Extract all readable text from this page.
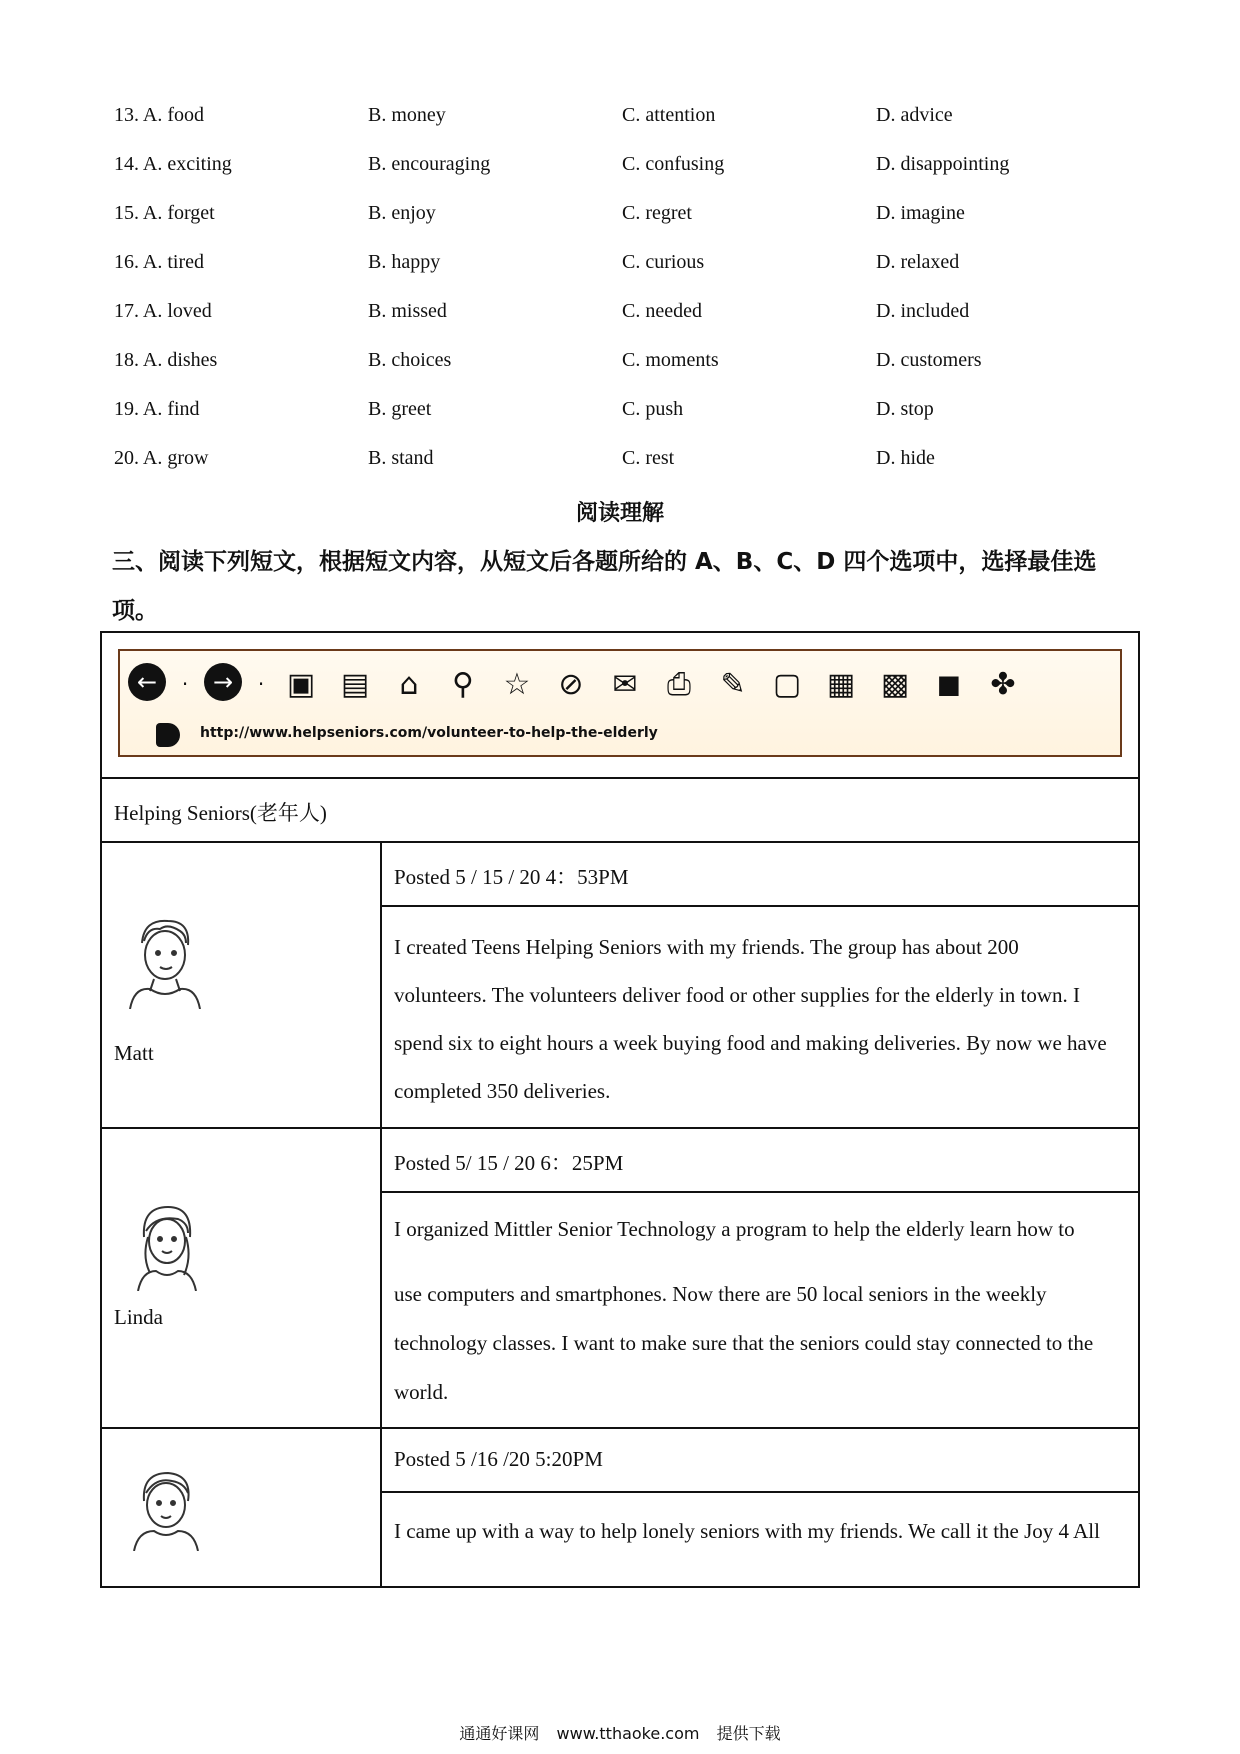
13. A. food	B. money	C. attention	D. advice
14. A. exciting	B. encouraging	C. confusing	D. disappointing
15. A. forget	B. enjoy	C. regret	D. imagine
16. A. tired	B. happy	C. curious	D. relaxed
17. A. loved	B. missed	C. needed	D. included
18. A. dishes	B. choices	C. moments	D. customers
19. A. find	B. greet	C. push	D. stop
20. A. grow	B. stand	C. rest	D. hide
阅读理解
三、阅读下列短文，根据短文内容，从短文后各题所给的 A、B、C、D 四个选项中，选择最佳选项。
←	·	→	· ▣ ▤	⌂	⚲ ☆ ⊘ ✉ ⎙ ✎ ▢ ▦ ▩ ◼ ✤
http://www.helpseniors.com/volunteer-to-help-the-elderly
Helping Seniors(老年人)
Matt
Posted 5 / 15 / 20 4：53PM
I created Teens Helping Seniors with my friends. The group has about 200
volunteers. The volunteers deliver food or other supplies for the elderly in town. I
spend six to eight hours a week buying food and making deliveries. By now we have
completed 350 deliveries.
Linda
Posted 5/ 15 / 20 6：25PM
I organized Mittler Senior Technology a program to help the elderly learn how to
use computers and smartphones. Now there are 50 local seniors in the weekly
technology classes. I want to make sure that the seniors could stay connected to the
world.
Posted 5 /16 /20 5:20PM
I came up with a way to help lonely seniors with my friends. We call it the Joy 4 All
通通好课网 www.tthaoke.com 提供下载
